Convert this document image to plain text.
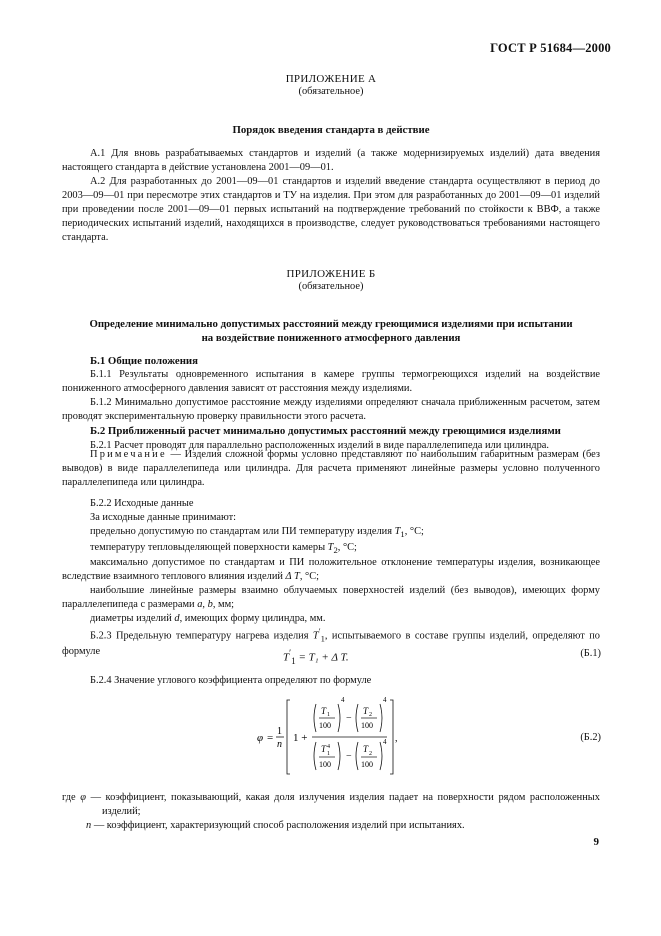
ГОСТ Р 51684—2000
ПРИЛОЖЕНИЕ А
(обязательное)
Порядок введения стандарта в действие

А.1 Для вновь разрабатываемых стандартов и изделий (а также модернизируемых изделий) дата введения настоящего стандарта в действие установлена 2001—09—01.

А.2 Для разработанных до 2001—09—01 стандартов и изделий введение стандарта осуществляют в период до 2003—09—01 при пересмотре этих стандартов и ТУ на изделия. При этом для разработанных до 2001—09—01 изделий при проведении после 2001—09—01 первых испытаний на подтверждение требований по стойкости к ВВФ, а также периодических испытаний изделий, находящихся в производстве, следует руководствоваться требованиями настоящего стандарта.

ПРИЛОЖЕНИЕ Б
(обязательное)
Определение минимально допустимых расстояний между греющимися изделиями при испытании
на воздействие пониженного атмосферного давления

Б.1 Общие положения

Б.1.1 Результаты одновременного испытания в камере группы термогреющихся изделий на воздействие пониженного атмосферного давления зависят от расстояния между изделиями.

Б.1.2 Минимально допустимое расстояние между изделиями определяют сначала приближенным расчетом, затем проводят экспериментальную проверку правильности этого расчета.

Б.2 Приближенный расчет минимально допустимых расстояний между греющимися изделиями

Б.2.1 Расчет проводят для параллельно расположенных изделий в виде параллелепипеда или цилиндра.

Примечание — Изделия сложной формы условно представляют по наибольшим габаритным размерам (без выводов) в виде параллелепипеда или цилиндра. Для расчета применяют линейные размеры условно полученного параллелепипеда или цилиндра.

Б.2.2 Исходные данные

За исходные данные принимают:

предельно допустимую по стандартам или ПИ температуру изделия $T_1$, °C;

температуру тепловыделяющей поверхности камеры $T_2$, °C;

максимально допустимое по стандартам и ПИ положительное отклонение температуры изделия, возникающее вследствие взаимного теплового влияния изделий Δ T, °C;

наибольшие линейные размеры взаимно облучаемых поверхностей изделий (без выводов), имеющих форму параллелепипеда с размерами a, b, мм;

диаметры изделий d, имеющих форму цилиндра, мм.

Б.2.3 Предельную температуру нагрева изделия $T'_1$, испытываемого в составе группы изделий, определяют по формуле

$T'_1 = T_1 + \Delta$ T.	(Б.1)

Б.2.4 Значение углового коэффициента определяют по формуле

φ =
1
n
1 +
T 1
100
4
−
T 2
100
4
T 4
1
100
−
T 2
100
4 ,	(Б.2)

где φ — коэффициент, показывающий, какая доля излучения изделия падает на поверхности рядом расположенных изделий;

n — коэффициент, характеризующий способ расположения изделий при испытаниях.

9
